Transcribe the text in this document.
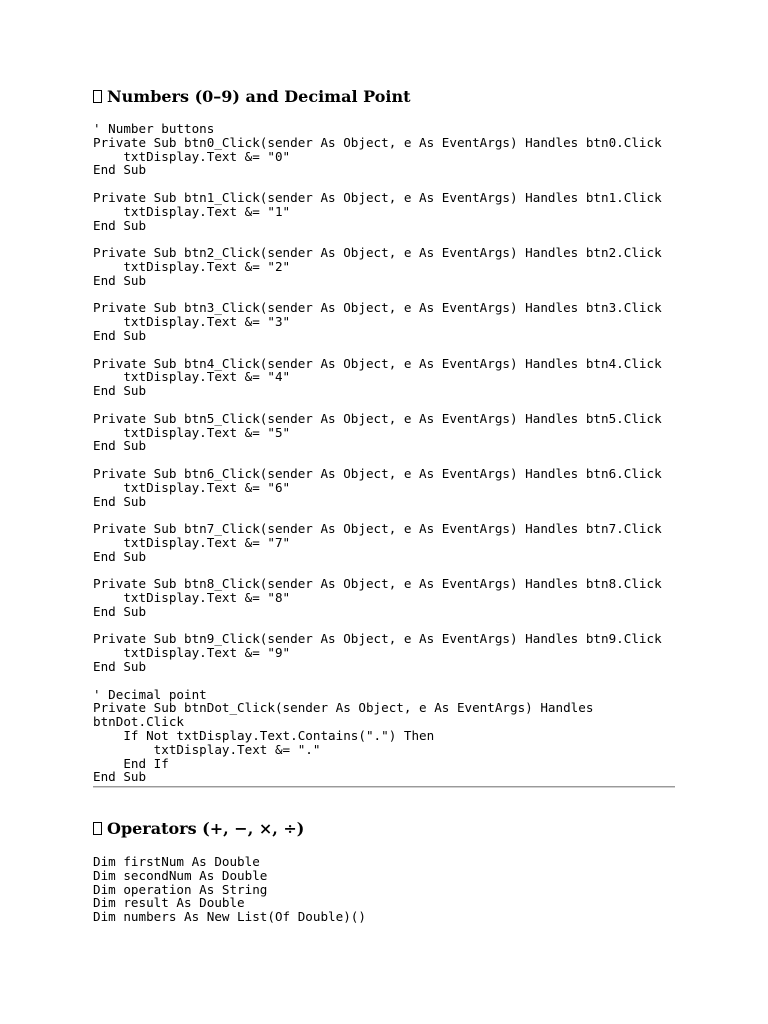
Numbers (0–9) and Decimal Point
' Number buttons
Private Sub btn0_Click(sender As Object, e As EventArgs) Handles btn0.Click
txtDisplay.Text &= "0"
End Sub
Private Sub btn1_Click(sender As Object, e As EventArgs) Handles btn1.Click
txtDisplay.Text &= "1"
End Sub
Private Sub btn2_Click(sender As Object, e As EventArgs) Handles btn2.Click
txtDisplay.Text &= "2"
End Sub
Private Sub btn3_Click(sender As Object, e As EventArgs) Handles btn3.Click
txtDisplay.Text &= "3"
End Sub
Private Sub btn4_Click(sender As Object, e As EventArgs) Handles btn4.Click
txtDisplay.Text &= "4"
End Sub
Private Sub btn5_Click(sender As Object, e As EventArgs) Handles btn5.Click
txtDisplay.Text &= "5"
End Sub
Private Sub btn6_Click(sender As Object, e As EventArgs) Handles btn6.Click
txtDisplay.Text &= "6"
End Sub
Private Sub btn7_Click(sender As Object, e As EventArgs) Handles btn7.Click
txtDisplay.Text &= "7"
End Sub
Private Sub btn8_Click(sender As Object, e As EventArgs) Handles btn8.Click
txtDisplay.Text &= "8"
End Sub
Private Sub btn9_Click(sender As Object, e As EventArgs) Handles btn9.Click
txtDisplay.Text &= "9"
End Sub
' Decimal point
Private Sub btnDot_Click(sender As Object, e As EventArgs) Handles
btnDot.Click
If Not txtDisplay.Text.Contains(".") Then
txtDisplay.Text &= "."
End If
End Sub
Operators (+, −, ×, ÷)
Dim firstNum As Double
Dim secondNum As Double
Dim operation As String
Dim result As Double
Dim numbers As New List(Of Double)()
